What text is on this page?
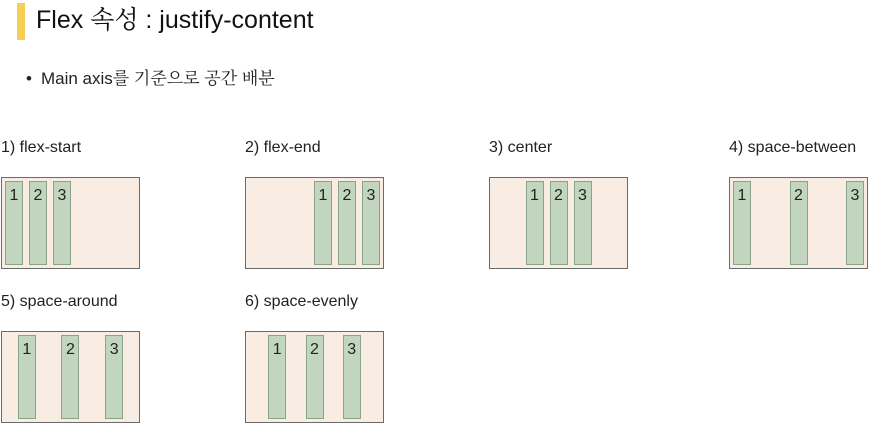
Flex 속성 : justify-content
• Main axis를 기준으로 공간 배분
1) flex-start
1 2 3
2) flex-end
1 2 3
3) center
1 2 3
4) space-between
1	2	3
5) space-around
1 2 3
6) space-evenly
1 2 3
